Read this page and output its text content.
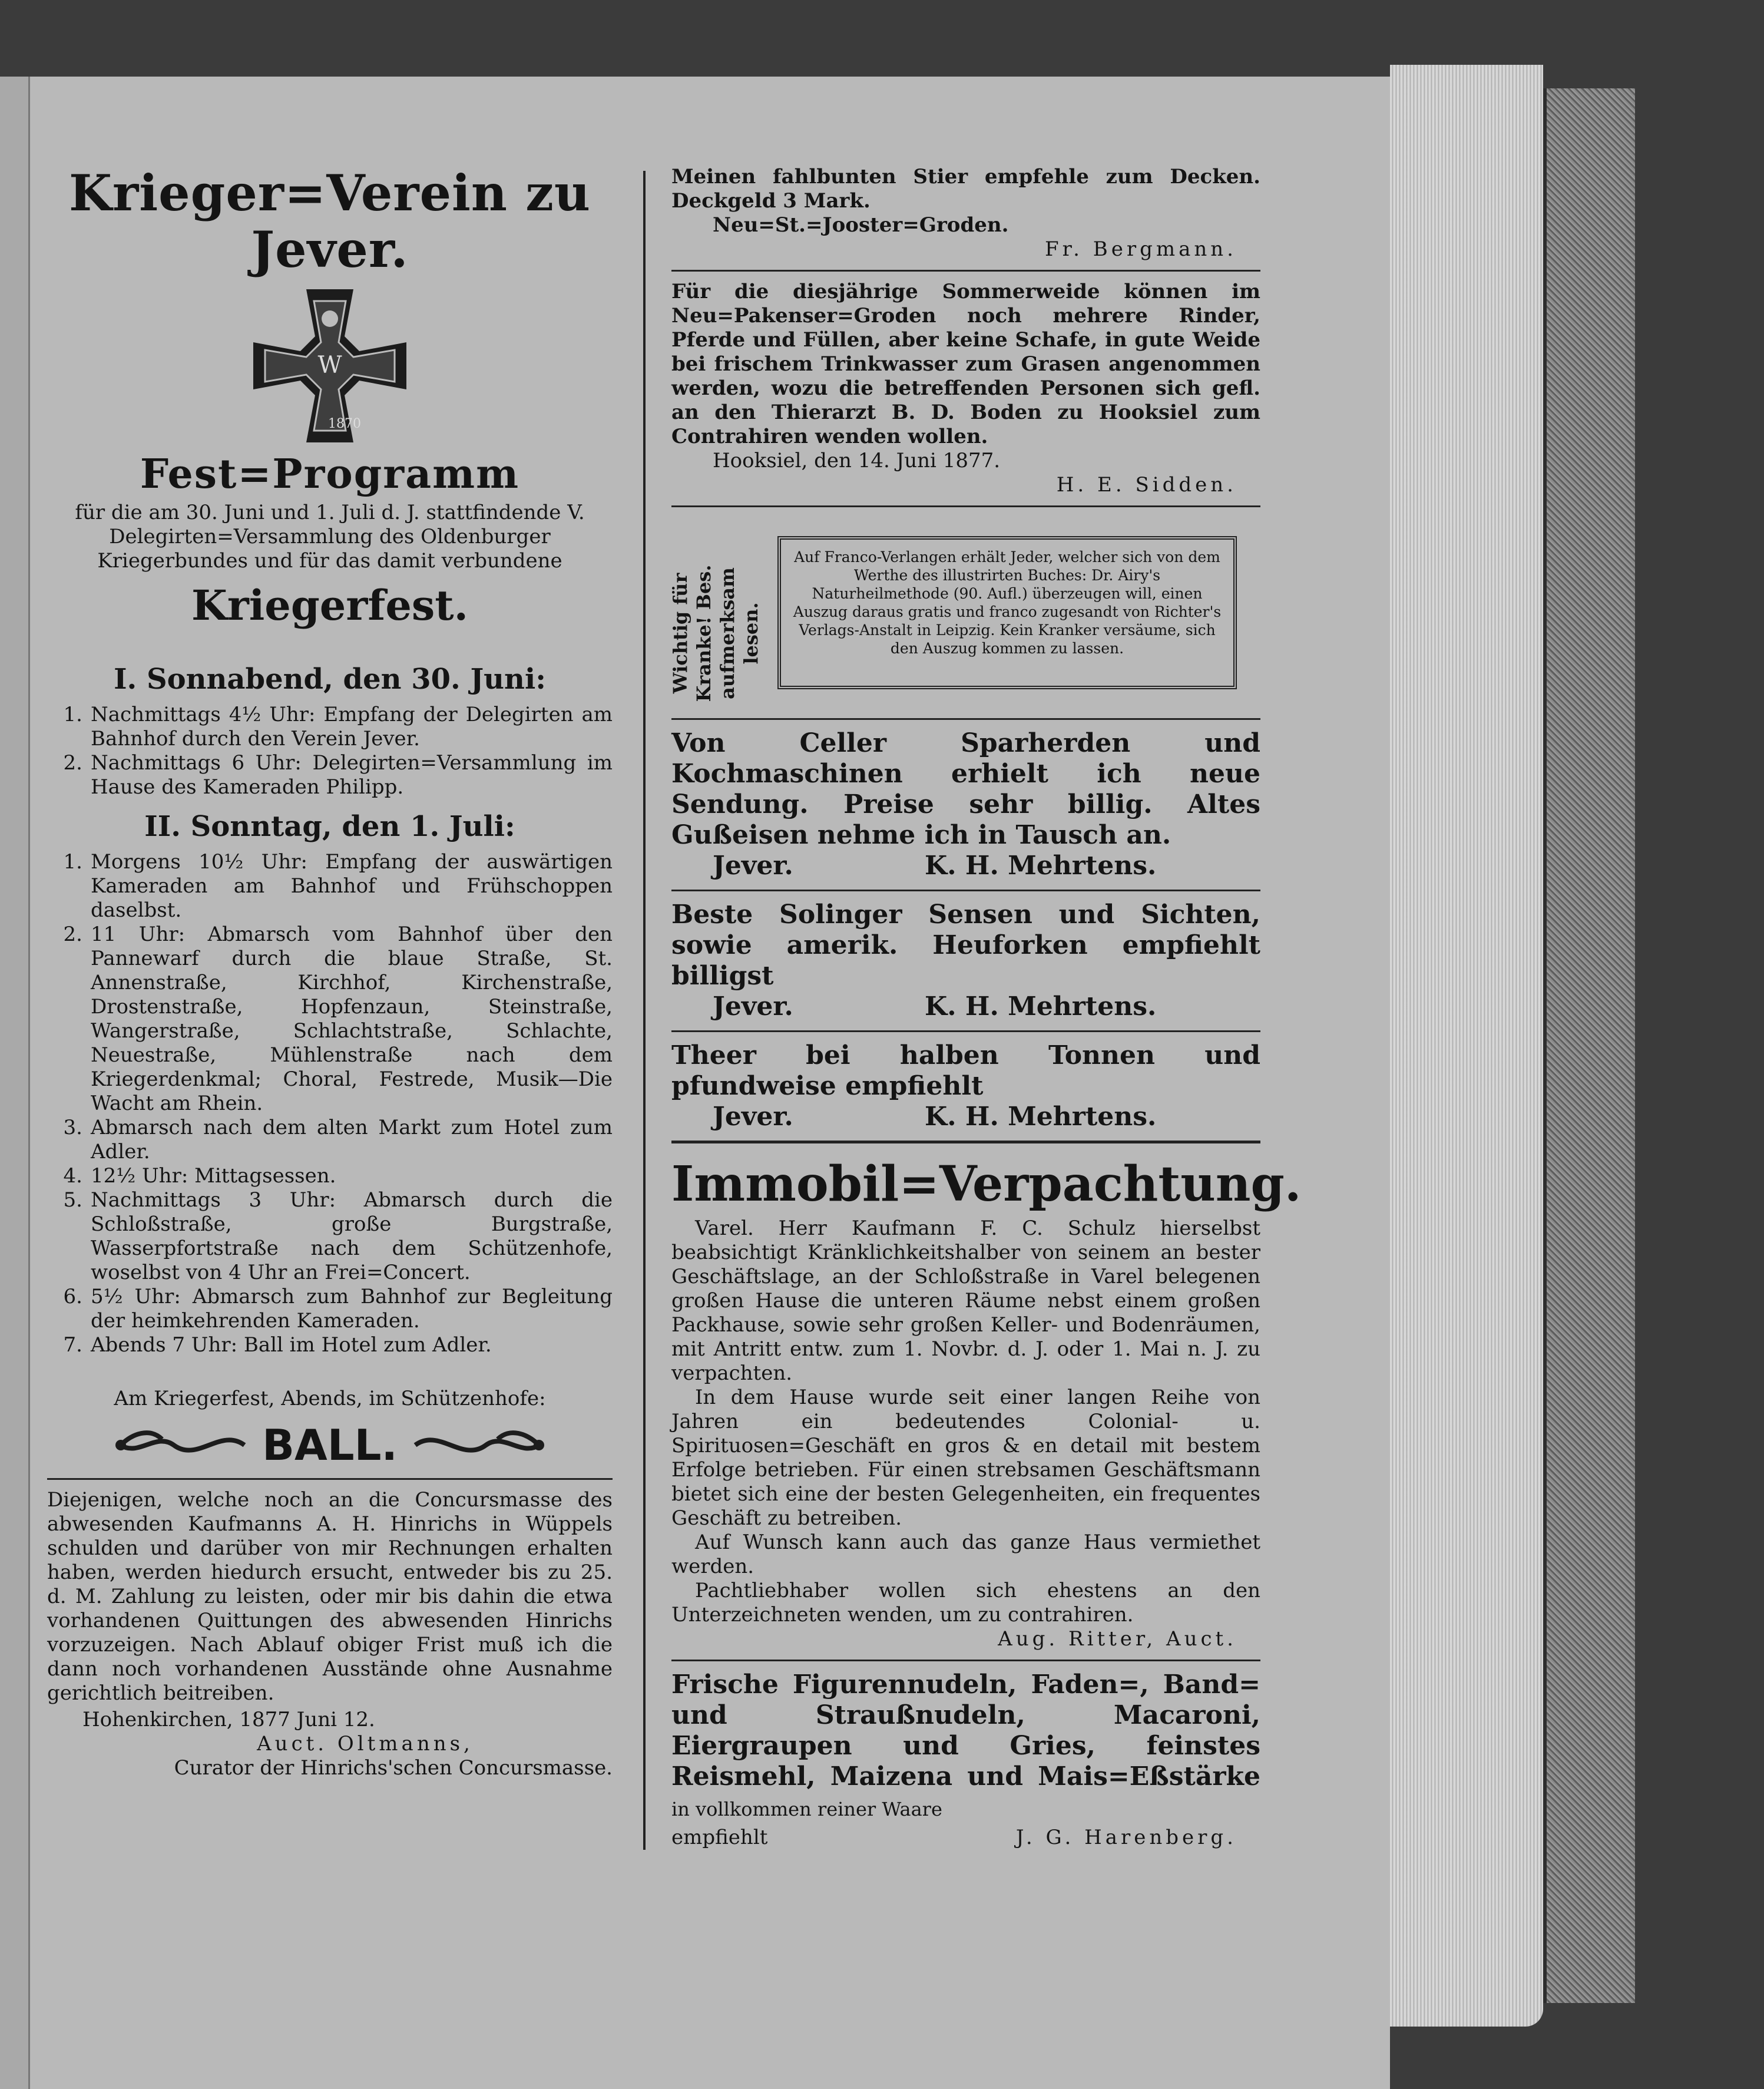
Krieger=Verein zu Jever.
W
1870
Fest=Programm
für die am 30. Juni und 1. Juli d. J. stattfindende V. Delegirten=Versammlung des Oldenburger Kriegerbundes und für das damit verbundene
Kriegerfest.
I. Sonnabend, den 30. Juni:
1. Nachmittags 4½ Uhr: Empfang der Delegirten am Bahnhof durch den Verein Jever.
2. Nachmittags 6 Uhr: Delegirten=Versammlung im Hause des Kameraden Philipp.
II. Sonntag, den 1. Juli:
1. Morgens 10½ Uhr: Empfang der auswärtigen Kameraden am Bahnhof und Frühschoppen daselbst.
2. 11 Uhr: Abmarsch vom Bahnhof über den Pannewarf durch die blaue Straße, St. Annenstraße, Kirchhof, Kirchenstraße, Drostenstraße, Hopfenzaun, Steinstraße, Wangerstraße, Schlachtstraße, Schlachte, Neuestraße, Mühlenstraße nach dem Kriegerdenkmal; Choral, Festrede, Musik—Die Wacht am Rhein.
3. Abmarsch nach dem alten Markt zum Hotel zum Adler.
4. 12½ Uhr: Mittagsessen.
5. Nachmittags 3 Uhr: Abmarsch durch die Schloßstraße, große Burgstraße, Wasserpfortstraße nach dem Schützenhofe, woselbst von 4 Uhr an Frei=Concert.
6. 5½ Uhr: Abmarsch zum Bahnhof zur Begleitung der heimkehrenden Kameraden.
7. Abends 7 Uhr: Ball im Hotel zum Adler.
Am Kriegerfest, Abends, im Schützenhofe:
BALL.
Diejenigen, welche noch an die Concursmasse des abwesenden Kaufmanns A. H. Hinrichs in Wüppels schulden und darüber von mir Rechnungen erhalten haben, werden hiedurch ersucht, entweder bis zu 25. d. M. Zahlung zu leisten, oder mir bis dahin die etwa vorhandenen Quittungen des abwesenden Hinrichs vorzuzeigen. Nach Ablauf obiger Frist muß ich die dann noch vorhandenen Ausstände ohne Ausnahme gerichtlich beitreiben.
Hohenkirchen, 1877 Juni 12.
Auct. Oltmanns,
Curator der Hinrichs'schen Concursmasse.
Meinen fahlbunten Stier empfehle zum Decken. Deckgeld 3 Mark.
Neu=St.=Jooster=Groden.
Fr. Bergmann.
Für die diesjährige Sommerweide können im Neu=Pakenser=Groden noch mehrere Rinder, Pferde und Füllen, aber keine Schafe, in gute Weide bei frischem Trinkwasser zum Grasen angenommen werden, wozu die betreffenden Personen sich gefl. an den Thierarzt B. D. Boden zu Hooksiel zum Contrahiren wenden wollen.
Hooksiel, den 14. Juni 1877.
H. E. Sidden.
Wichtig für Kranke! Bes. aufmerksam lesen.
Auf Franco-Verlangen erhält Jeder, welcher sich von dem Werthe des illustrirten Buches: Dr. Airy's Naturheilmethode (90. Aufl.) überzeugen will, einen Auszug daraus gratis und franco zugesandt von Richter's Verlags-Anstalt in Leipzig. Kein Kranker versäume, sich den Auszug kommen zu lassen.
Von Celler Sparherden und Kochmaschinen erhielt ich neue Sendung. Preise sehr billig. Altes Gußeisen nehme ich in Tausch an.
Jever.	K. H. Mehrtens.
Beste Solinger Sensen und Sichten, sowie amerik. Heuforken empfiehlt billigst
Jever.	K. H. Mehrtens.
Theer bei halben Tonnen und pfundweise empfiehlt
Jever.	K. H. Mehrtens.
Immobil=Verpachtung.
Varel. Herr Kaufmann F. C. Schulz hierselbst beabsichtigt Kränklichkeitshalber von seinem an bester Geschäftslage, an der Schloßstraße in Varel belegenen großen Hause die unteren Räume nebst einem großen Packhause, sowie sehr großen Keller- und Bodenräumen, mit Antritt entw. zum 1. Novbr. d. J. oder 1. Mai n. J. zu verpachten.
In dem Hause wurde seit einer langen Reihe von Jahren ein bedeutendes Colonial- u. Spirituosen=Geschäft en gros & en detail mit bestem Erfolge betrieben. Für einen strebsamen Geschäftsmann bietet sich eine der besten Gelegenheiten, ein frequentes Geschäft zu betreiben.
Auf Wunsch kann auch das ganze Haus vermiethet werden.
Pachtliebhaber wollen sich ehestens an den Unterzeichneten wenden, um zu contrahiren.
Aug. Ritter, Auct.
Frische Figurennudeln, Faden=, Band= und Straußnudeln, Macaroni, Eiergraupen und Gries, feinstes Reismehl, Maizena und Mais=Eßstärke in vollkommen reiner Waare
empfiehlt	J. G. Harenberg.
